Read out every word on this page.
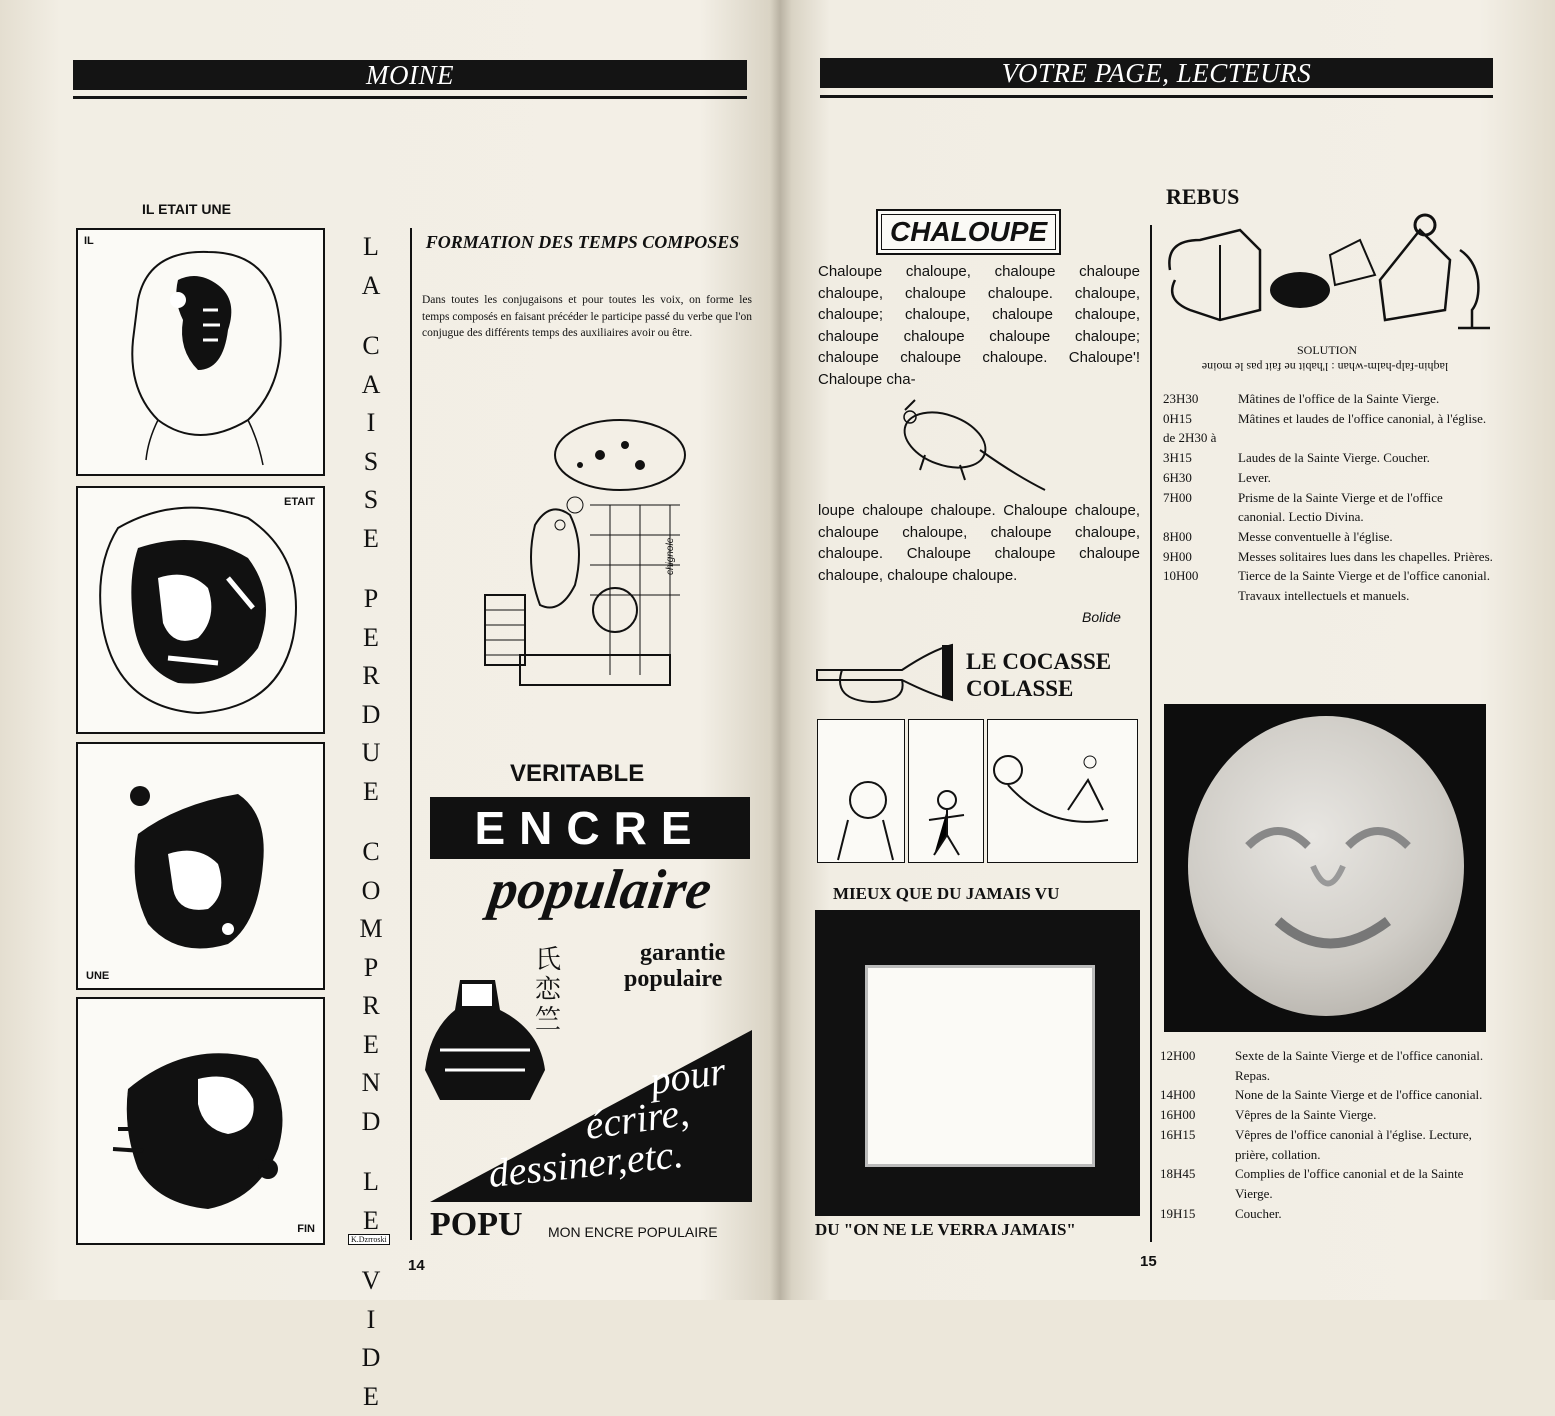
MOINE
IL ETAIT UNE
IL
ETAIT
UNE
FIN
L
A
C
A
I
S
S
E
P
E
R
D
U
E
C
O
M
P
R
E
N
D
L
E
V
I
D
E
K.Dzrroski
FORMATION DES TEMPS COMPOSES
Dans toutes les conjugaisons et pour toutes les voix, on forme les temps composés en faisant précéder le participe passé du verbe que l'on conjugue des différents temps des auxiliaires avoir ou être.
chignole
VERITABLE
ENCRE
populaire
garantie
populaire
氏
恋
竺
pour
écrire,
dessiner,etc.
POPU MON ENCRE POPULAIRE
14
VOTRE PAGE, LECTEURS
CHALOUPE
Chaloupe chaloupe, chaloupe chaloupe chaloupe, chaloupe chaloupe. chaloupe, chaloupe; chaloupe, chaloupe chaloupe, chaloupe chaloupe chaloupe chaloupe; chaloupe chaloupe chaloupe. Chaloupe'! Chaloupe cha-
loupe chaloupe chaloupe. Chaloupe chaloupe, chaloupe chaloupe, chaloupe chaloupe, chaloupe. Chaloupe chaloupe chaloupe chaloupe, chaloupe chaloupe.
Bolide
LE COCASSE
COLASSE
MIEUX QUE DU JAMAIS VU
DU "ON NE LE VERRA JAMAIS"
REBUS
SOLUTION
laqhin-falp-halm-whan : l'habit ne fait pas le moine
23H30	Mâtines de l'office de la Sainte Vierge.
0H15	Mâtines et laudes de l'office canonial, à l'église.
de 2H30 à
3H15	Laudes de la Sainte Vierge. Coucher.
6H30	Lever.
7H00	Prisme de la Sainte Vierge et de l'office canonial. Lectio Divina.
8H00	Messe conventuelle à l'église.
9H00	Messes solitaires lues dans les chapelles. Prières.
10H00	Tierce de la Sainte Vierge et de l'office canonial.
Travaux intellectuels et manuels.
12H00	Sexte de la Sainte Vierge et de l'office canonial. Repas.
14H00	None de la Sainte Vierge et de l'office canonial.
16H00	Vêpres de la Sainte Vierge.
16H15	Vêpres de l'office canonial à l'église. Lecture, prière, collation.
18H45	Complies de l'office canonial et de la Sainte Vierge.
19H15	Coucher.
15
